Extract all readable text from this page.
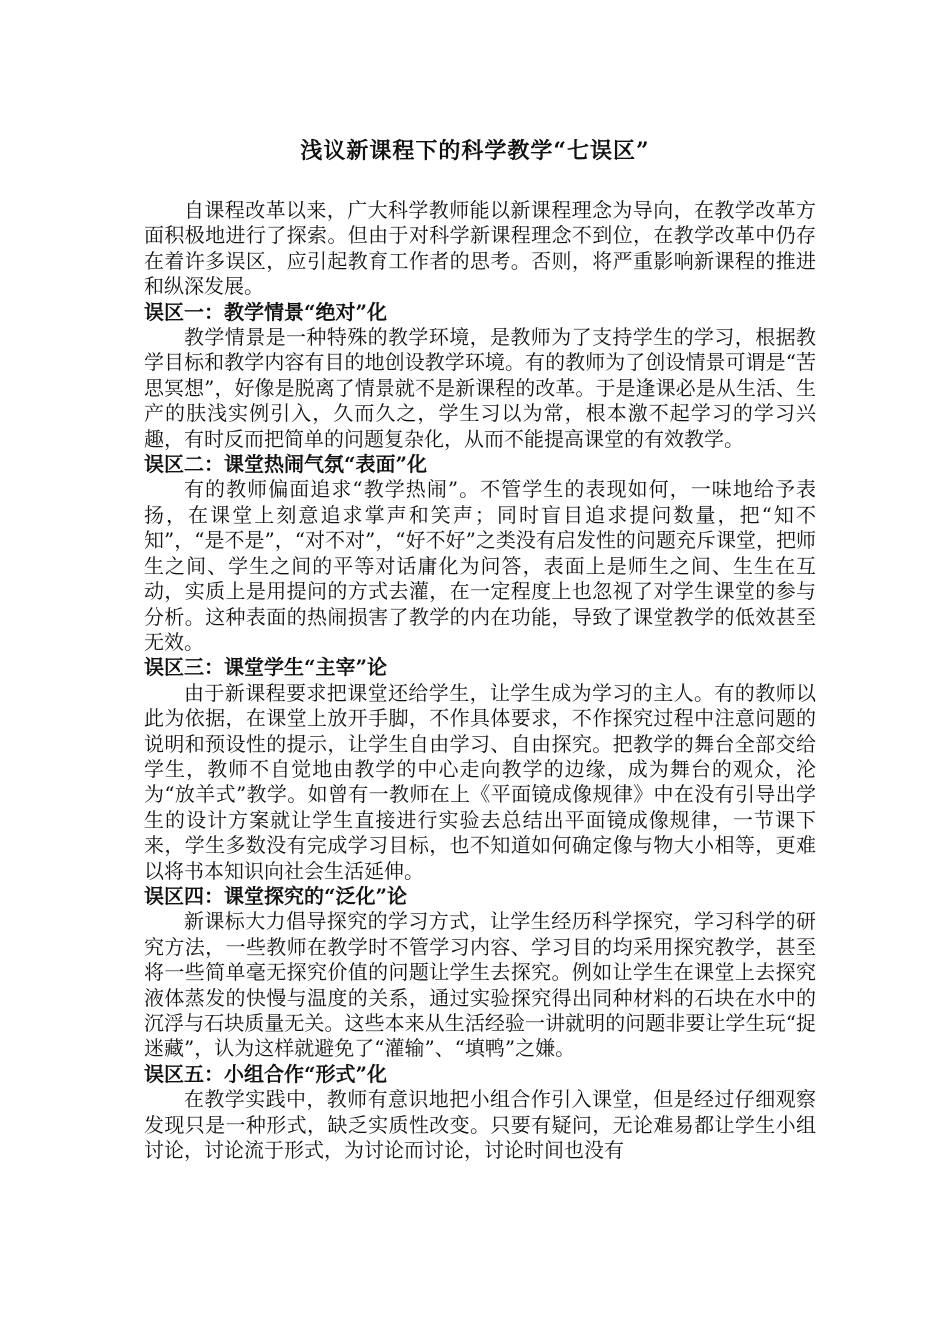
浅议新课程下的科学教学“七误区”

自课程改革以来，广大科学教师能以新课程理念为导向，在教学改革方面积极地进行了探索。但由于对科学新课程理念不到位，在教学改革中仍存在着许多误区，应引起教育工作者的思考。否则，将严重影响新课程的推进和纵深发展。

误区一：教学情景“绝对”化

教学情景是一种特殊的教学环境，是教师为了支持学生的学习，根据教学目标和教学内容有目的地创设教学环境。有的教师为了创设情景可谓是“苦思冥想”，好像是脱离了情景就不是新课程的改革。于是逢课必是从生活、生产的肤浅实例引入，久而久之，学生习以为常，根本激不起学习的学习兴趣，有时反而把简单的问题复杂化，从而不能提高课堂的有效教学。

误区二：课堂热闹气氛“表面”化

有的教师偏面追求“教学热闹”。不管学生的表现如何，一味地给予表扬，在课堂上刻意追求掌声和笑声；同时盲目追求提问数量，把“知不知”，“是不是”，“对不对”，“好不好”之类没有启发性的问题充斥课堂，把师生之间、学生之间的平等对话庸化为问答，表面上是师生之间、生生在互动，实质上是用提问的方式去灌，在一定程度上也忽视了对学生课堂的参与分析。这种表面的热闹损害了教学的内在功能，导致了课堂教学的低效甚至无效。

误区三：课堂学生“主宰”论

由于新课程要求把课堂还给学生，让学生成为学习的主人。有的教师以此为依据，在课堂上放开手脚，不作具体要求，不作探究过程中注意问题的说明和预设性的提示，让学生自由学习、自由探究。把教学的舞台全部交给学生，教师不自觉地由教学的中心走向教学的边缘，成为舞台的观众，沦为“放羊式”教学。如曾有一教师在上《平面镜成像规律》中在没有引导出学生的设计方案就让学生直接进行实验去总结出平面镜成像规律，一节课下来，学生多数没有完成学习目标，也不知道如何确定像与物大小相等，更难以将书本知识向社会生活延伸。

误区四：课堂探究的“泛化”论

新课标大力倡导探究的学习方式，让学生经历科学探究，学习科学的研究方法，一些教师在教学时不管学习内容、学习目的均采用探究教学，甚至将一些简单毫无探究价值的问题让学生去探究。例如让学生在课堂上去探究液体蒸发的快慢与温度的关系，通过实验探究得出同种材料的石块在水中的沉浮与石块质量无关。这些本来从生活经验一讲就明的问题非要让学生玩“捉迷藏”，认为这样就避免了“灌输”、“填鸭”之嫌。

误区五：小组合作“形式”化

在教学实践中，教师有意识地把小组合作引入课堂，但是经过仔细观察发现只是一种形式，缺乏实质性改变。只要有疑问，无论难易都让学生小组讨论，讨论流于形式，为讨论而讨论，讨论时间也没有
